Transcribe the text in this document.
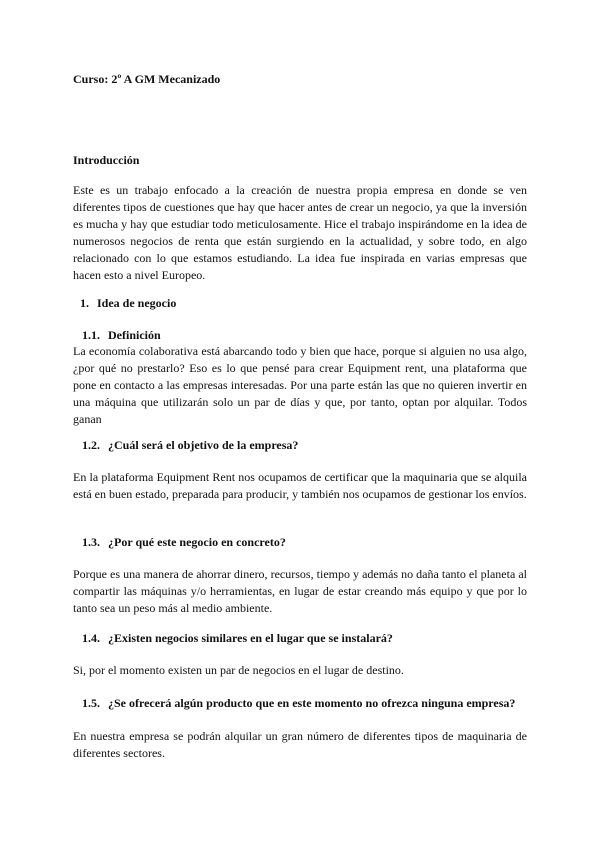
Curso: 2º A GM Mecanizado
Introducción

Este es un trabajo enfocado a la creación de nuestra propia empresa en donde se ven diferentes tipos de cuestiones que hay que hacer antes de crear un negocio, ya que la inversión es mucha y hay que estudiar todo meticulosamente. Hice el trabajo inspirándome en la idea de numerosos negocios de renta que están surgiendo en la actualidad, y sobre todo, en algo relacionado con lo que estamos estudiando. La idea fue inspirada en varias empresas que hacen esto a nivel Europeo.

1. Idea de negocio
1.1. Definición

La economía colaborativa está abarcando todo y bien que hace, porque si alguien no usa algo, ¿por qué no prestarlo? Eso es lo que pensé para crear Equipment rent, una plataforma que pone en contacto a las empresas interesadas. Por una parte están las que no quieren invertir en una máquina que utilizarán solo un par de días y que, por tanto, optan por alquilar. Todos ganan

1.2. ¿Cuál será el objetivo de la empresa?

En la plataforma Equipment Rent nos ocupamos de certificar que la maquinaria que se alquila está en buen estado, preparada para producir, y también nos ocupamos de gestionar los envíos.

1.3. ¿Por qué este negocio en concreto?

Porque es una manera de ahorrar dinero, recursos, tiempo y además no daña tanto el planeta al compartir las máquinas y/o herramientas, en lugar de estar creando más equipo y que por lo tanto sea un peso más al medio ambiente.

1.4. ¿Existen negocios similares en el lugar que se instalará?

Si, por el momento existen un par de negocios en el lugar de destino.

1.5. ¿Se ofrecerá algún producto que en este momento no ofrezca ninguna empresa?

En nuestra empresa se podrán alquilar un gran número de diferentes tipos de maquinaria de diferentes sectores.
